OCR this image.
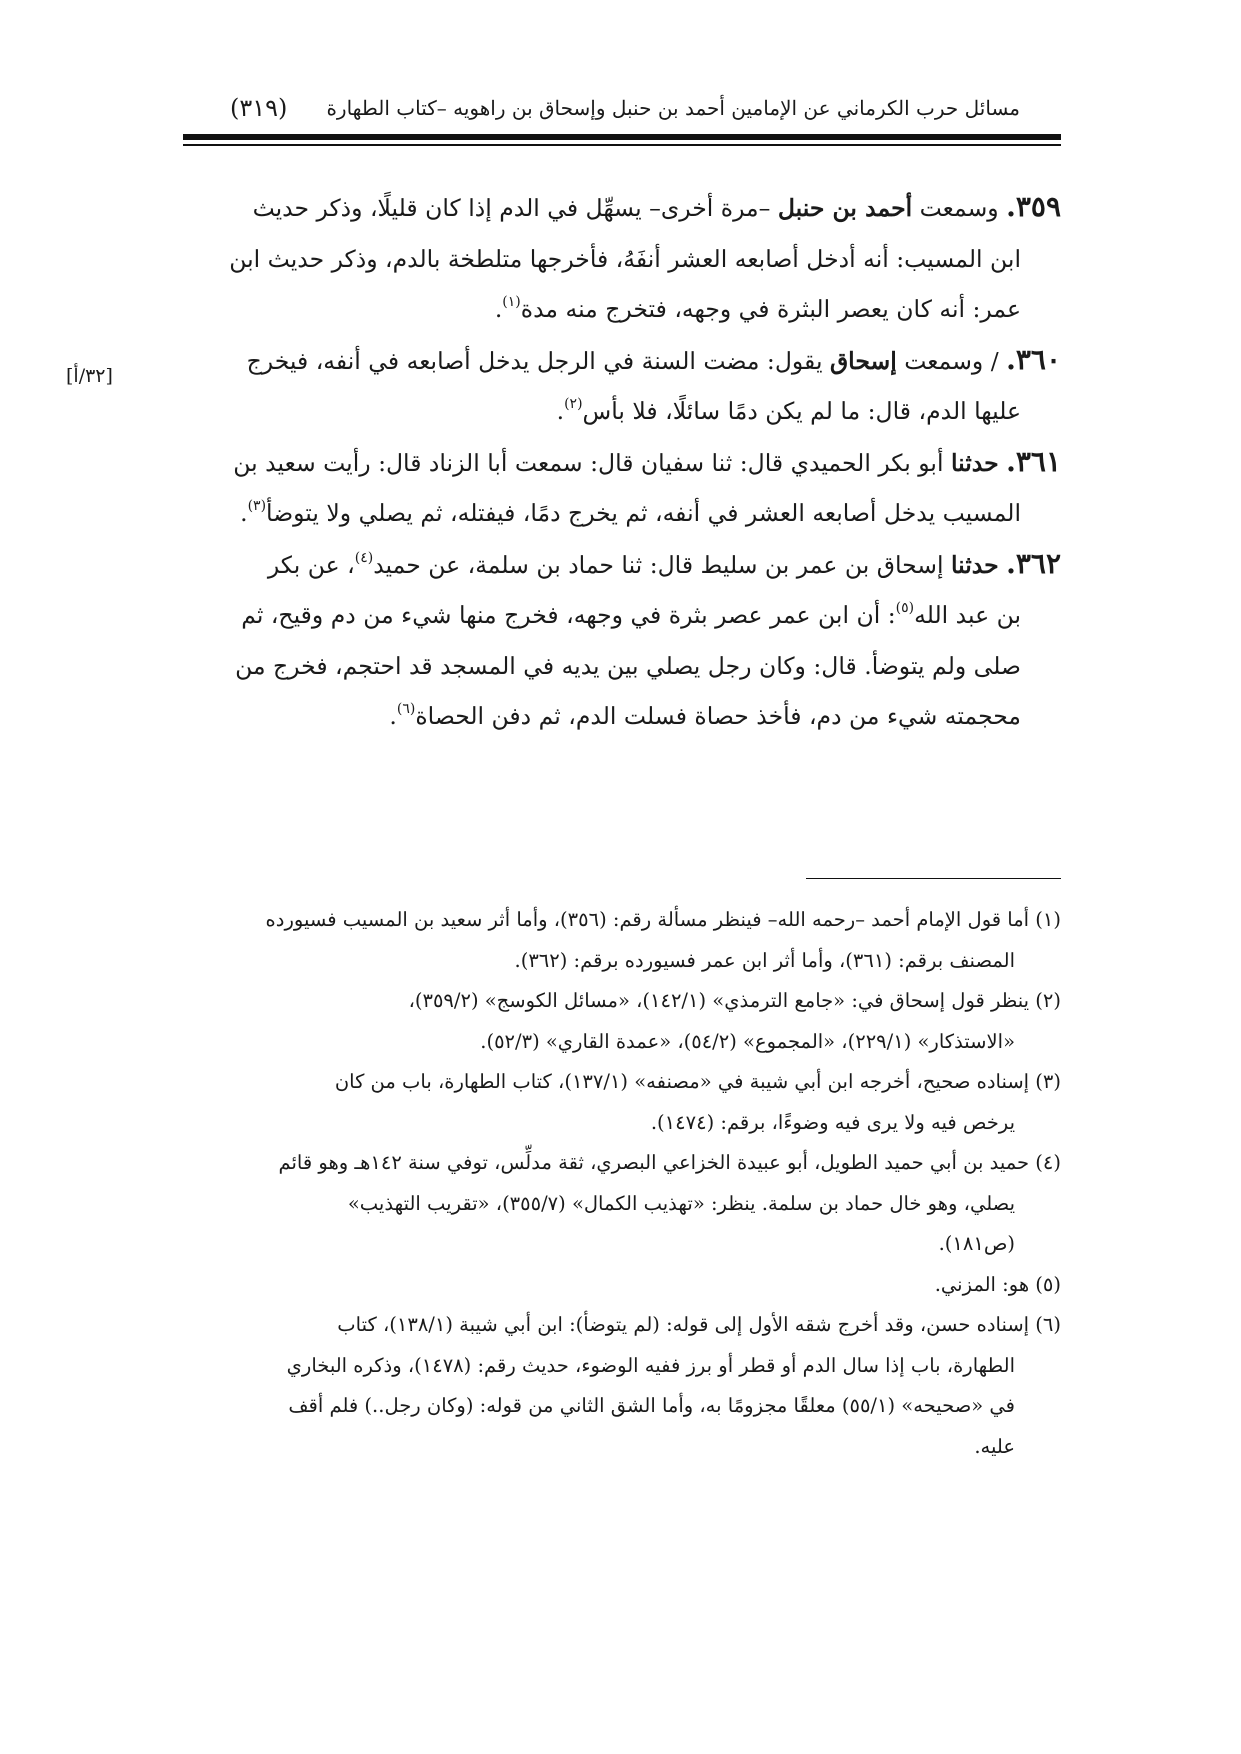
مسائل حرب الكرماني عن الإمامين أحمد بن حنبل وإسحاق بن راهويه –كتاب الطهارة
(٣١٩)
[٣٢/أ]

٣٥٩. وسمعت أحمد بن حنبل –مرة أخرى– يسهِّل في الدم إذا كان قليلًا، وذكر حديث

ابن المسيب: أنه أدخل أصابعه العشر أنفَهُ، فأخرجها متلطخة بالدم، وذكر حديث ابن

عمر: أنه كان يعصر البثرة في وجهه، فتخرج منه مدة$^{(١)}$.

٣٦٠. / وسمعت إسحاق يقول: مضت السنة في الرجل يدخل أصابعه في أنفه، فيخرج

عليها الدم، قال: ما لم يكن دمًا سائلًا، فلا بأس$^{(٢)}$.

٣٦١. حدثنا أبو بكر الحميدي قال: ثنا سفيان قال: سمعت أبا الزناد قال: رأيت سعيد بن

المسيب يدخل أصابعه العشر في أنفه، ثم يخرج دمًا، فيفتله، ثم يصلي ولا يتوضأ$^{(٣)}$.

٣٦٢. حدثنا إسحاق بن عمر بن سليط قال: ثنا حماد بن سلمة، عن حميد$^{(٤)}$، عن بكر

بن عبد الله$^{(٥)}$: أن ابن عمر عصر بثرة في وجهه، فخرج منها شيء من دم وقيح، ثم

صلى ولم يتوضأ. قال: وكان رجل يصلي بين يديه في المسجد قد احتجم، فخرج من

محجمته شيء من دم، فأخذ حصاة فسلت الدم، ثم دفن الحصاة$^{(٦)}$.

(١) أما قول الإمام أحمد –رحمه الله– فينظر مسألة رقم: (٣٥٦)، وأما أثر سعيد بن المسيب فسيورده

المصنف برقم: (٣٦١)، وأما أثر ابن عمر فسيورده برقم: (٣٦٢).

(٢) ينظر قول إسحاق في: «جامع الترمذي» (١٤٢/١)، «مسائل الكوسج» (٣٥٩/٢)،

«الاستذكار» (٢٢٩/١)، «المجموع» (٥٤/٢)، «عمدة القاري» (٥٢/٣).

(٣) إسناده صحيح، أخرجه ابن أبي شيبة في «مصنفه» (١٣٧/١)، كتاب الطهارة، باب من كان

يرخص فيه ولا يرى فيه وضوءًا، برقم: (١٤٧٤).

(٤) حميد بن أبي حميد الطويل، أبو عبيدة الخزاعي البصري، ثقة مدلِّس، توفي سنة ١٤٢هـ وهو قائم

يصلي، وهو خال حماد بن سلمة. ينظر: «تهذيب الكمال» (٣٥٥/٧)، «تقريب التهذيب»

(ص١٨١).

(٥) هو: المزني.

(٦) إسناده حسن، وقد أخرج شقه الأول إلى قوله: (لم يتوضأ): ابن أبي شيبة (١٣٨/١)، كتاب

الطهارة، باب إذا سال الدم أو قطر أو برز ففيه الوضوء، حديث رقم: (١٤٧٨)، وذكره البخاري

في «صحيحه» (٥٥/١) معلقًا مجزومًا به، وأما الشق الثاني من قوله: (وكان رجل..) فلم أقف

عليه.
